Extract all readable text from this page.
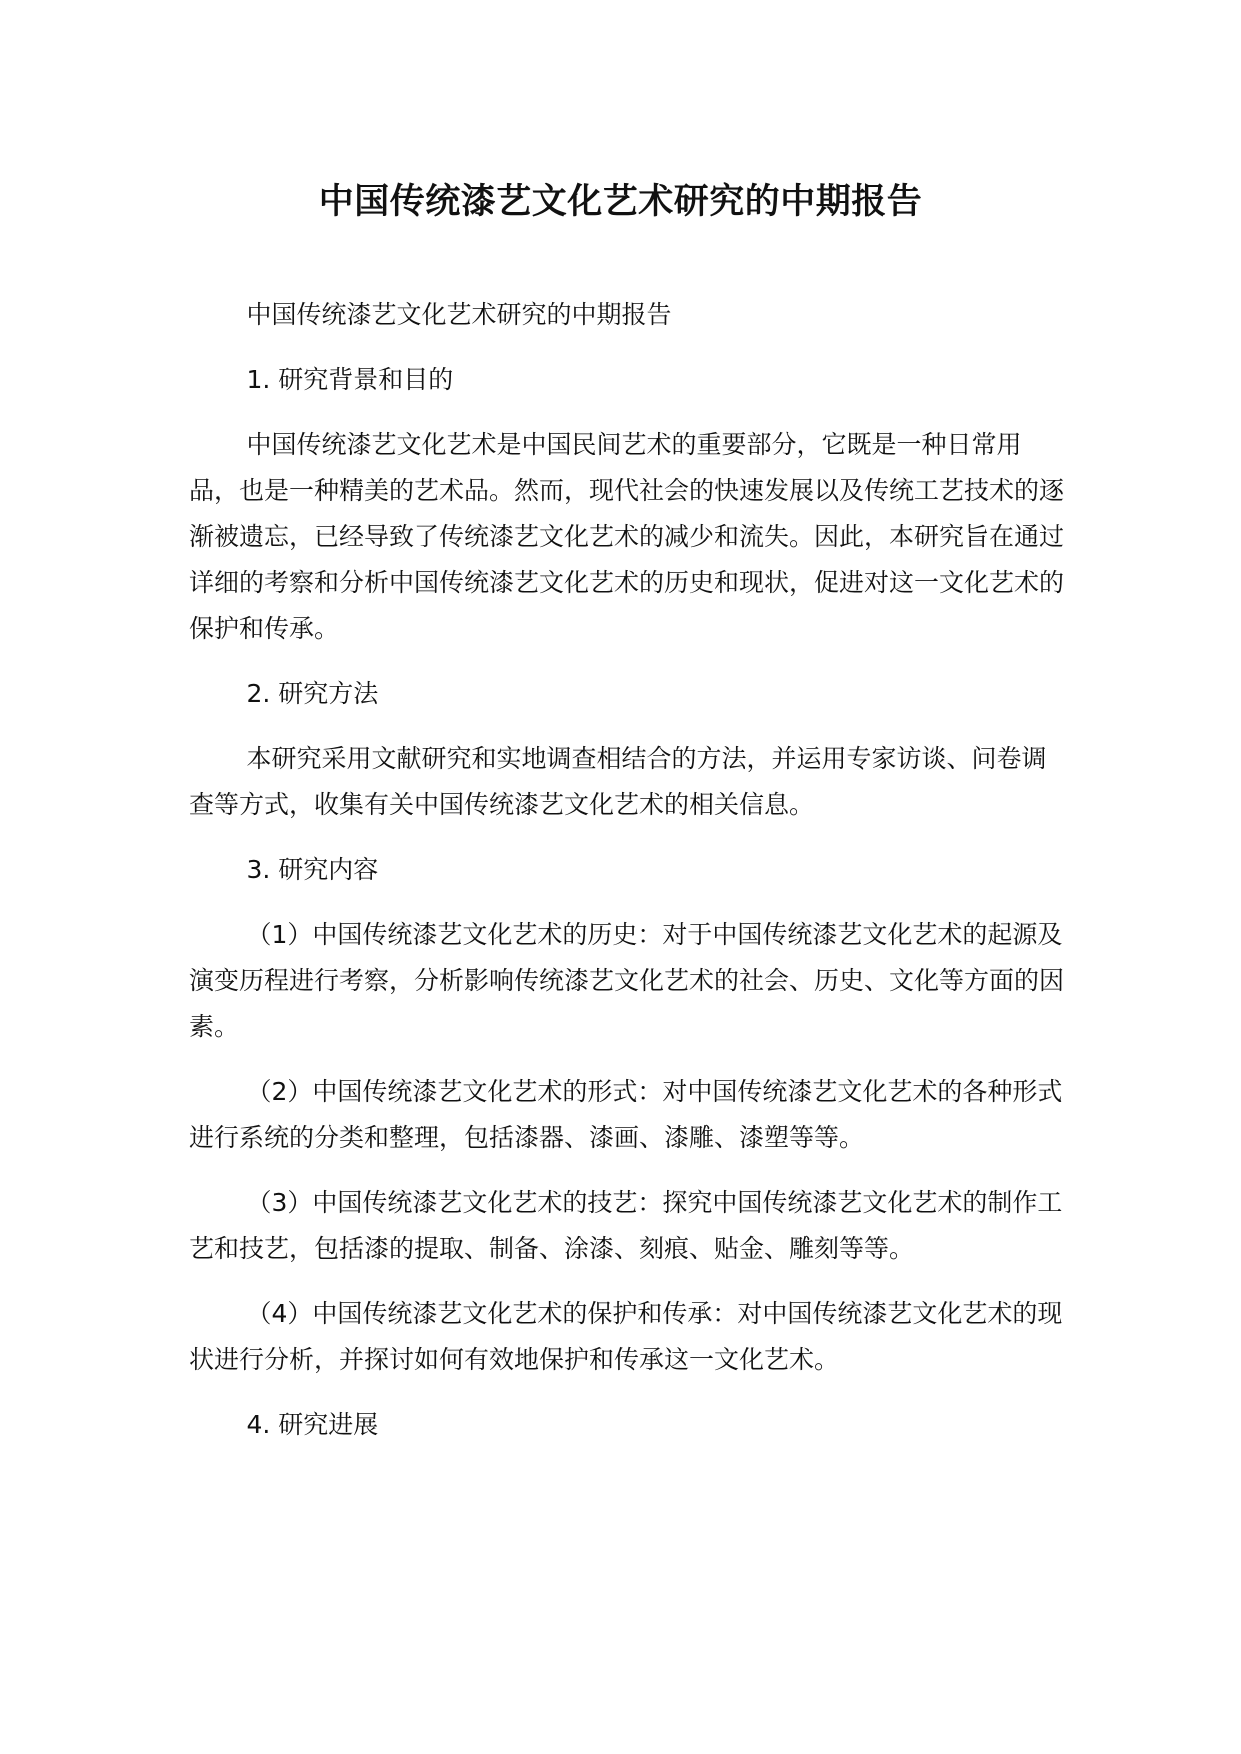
中国传统漆艺文化艺术研究的中期报告

中国传统漆艺文化艺术研究的中期报告

1. 研究背景和目的

中国传统漆艺文化艺术是中国民间艺术的重要部分，它既是一种日常用品，也是一种精美的艺术品。然而，现代社会的快速发展以及传统工艺技术的逐渐被遗忘，已经导致了传统漆艺文化艺术的减少和流失。因此，本研究旨在通过详细的考察和分析中国传统漆艺文化艺术的历史和现状，促进对这一文化艺术的保护和传承。

2. 研究方法

本研究采用文献研究和实地调查相结合的方法，并运用专家访谈、问卷调查等方式，收集有关中国传统漆艺文化艺术的相关信息。

3. 研究内容

（1）中国传统漆艺文化艺术的历史：对于中国传统漆艺文化艺术的起源及演变历程进行考察，分析影响传统漆艺文化艺术的社会、历史、文化等方面的因素。

（2）中国传统漆艺文化艺术的形式：对中国传统漆艺文化艺术的各种形式进行系统的分类和整理，包括漆器、漆画、漆雕、漆塑等等。

（3）中国传统漆艺文化艺术的技艺：探究中国传统漆艺文化艺术的制作工艺和技艺，包括漆的提取、制备、涂漆、刻痕、贴金、雕刻等等。

（4）中国传统漆艺文化艺术的保护和传承：对中国传统漆艺文化艺术的现状进行分析，并探讨如何有效地保护和传承这一文化艺术。

4. 研究进展
